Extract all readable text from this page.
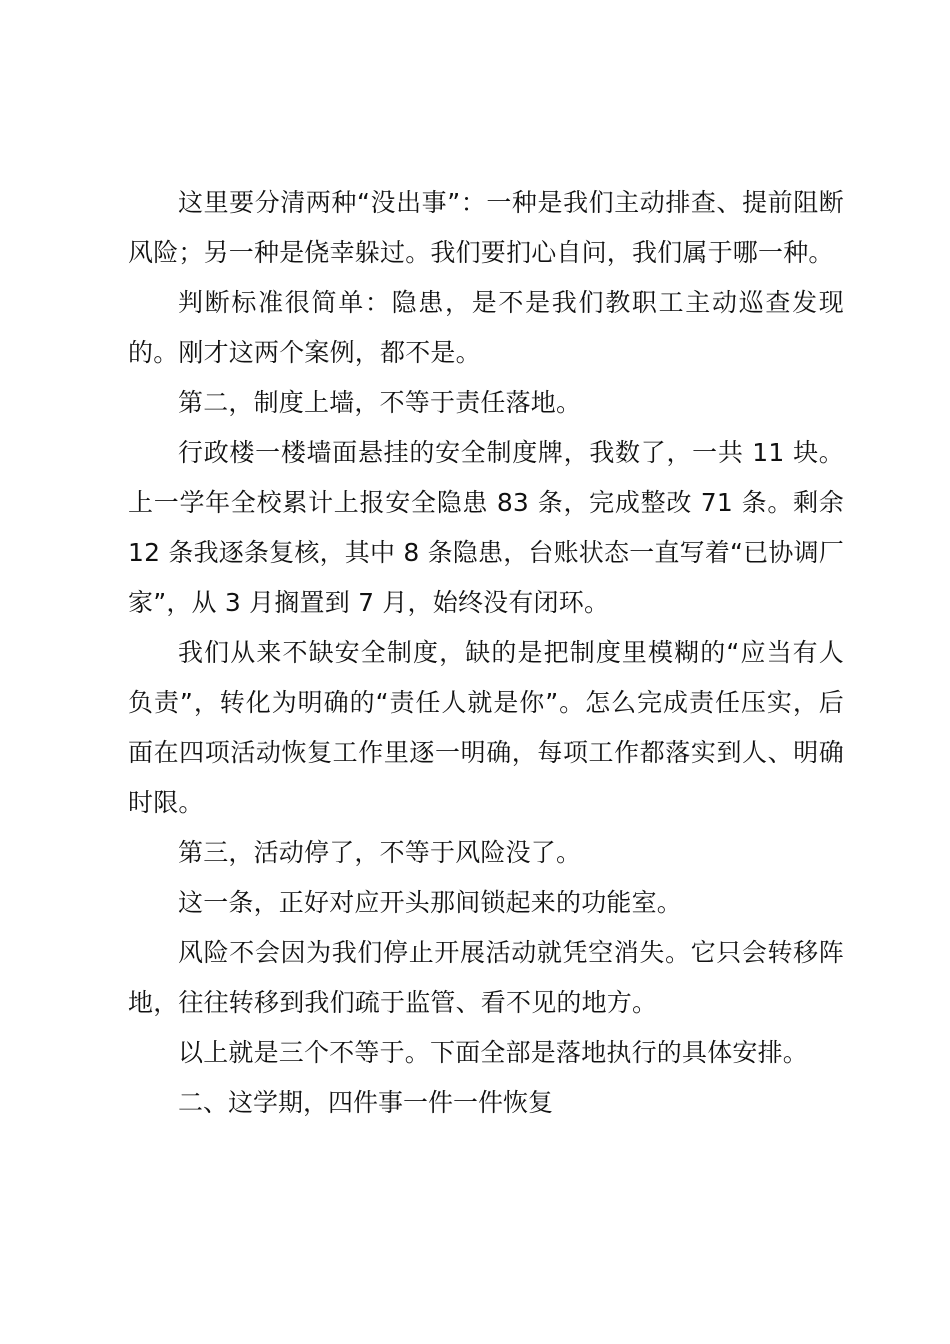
这里要分清两种“没出事”：一种是我们主动排查、提前阻断风险；另一种是侥幸躲过。我们要扪心自问，我们属于哪一种。

判断标准很简单：隐患，是不是我们教职工主动巡查发现的。刚才这两个案例，都不是。

第二，制度上墙，不等于责任落地。

行政楼一楼墙面悬挂的安全制度牌，我数了，一共 11 块。上一学年全校累计上报安全隐患 83 条，完成整改 71 条。剩余 12 条我逐条复核，其中 8 条隐患，台账状态一直写着“已协调厂家”，从 3 月搁置到 7 月，始终没有闭环。

我们从来不缺安全制度，缺的是把制度里模糊的“应当有人负责”，转化为明确的“责任人就是你”。怎么完成责任压实，后面在四项活动恢复工作里逐一明确，每项工作都落实到人、明确时限。

第三，活动停了，不等于风险没了。

这一条，正好对应开头那间锁起来的功能室。

风险不会因为我们停止开展活动就凭空消失。它只会转移阵地，往往转移到我们疏于监管、看不见的地方。

以上就是三个不等于。下面全部是落地执行的具体安排。

二、这学期，四件事一件一件恢复
